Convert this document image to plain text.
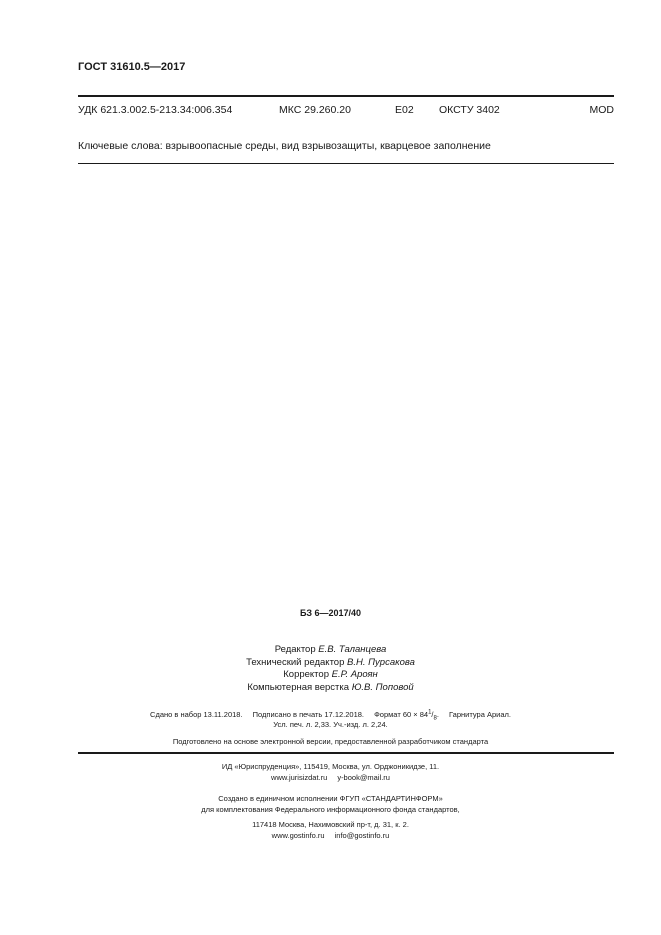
ГОСТ 31610.5—2017
УДК 621.3.002.5-213.34:006.354	МКС 29.260.20	Е02 ОКСТУ 3402	MOD
Ключевые слова: взрывоопасные среды, вид взрывозащиты, кварцевое заполнение
БЗ 6—2017/40
Редактор Е.В. Таланцева
Технический редактор В.Н. Пурсакова
Корректор Е.Р. Ароян
Компьютерная верстка Ю.В. Поповой
Сдано в набор 13.11.2018. Подписано в печать 17.12.2018. Формат $60 \times 84^1/_8$. Гарнитура Ариал.
Усл. печ. л. 2,33. Уч.-изд. л. 2,24.
Подготовлено на основе электронной версии, предоставленной разработчиком стандарта
ИД «Юриспруденция», 115419, Москва, ул. Орджоникидзе, 11.
www.jurisizdat.ru y-book@mail.ru
Создано в единичном исполнении ФГУП «СТАНДАРТИНФОРМ»
для комплектования Федерального информационного фонда стандартов,
117418 Москва, Нахимовский пр-т, д. 31, к. 2.
www.gostinfo.ru info@gostinfo.ru
